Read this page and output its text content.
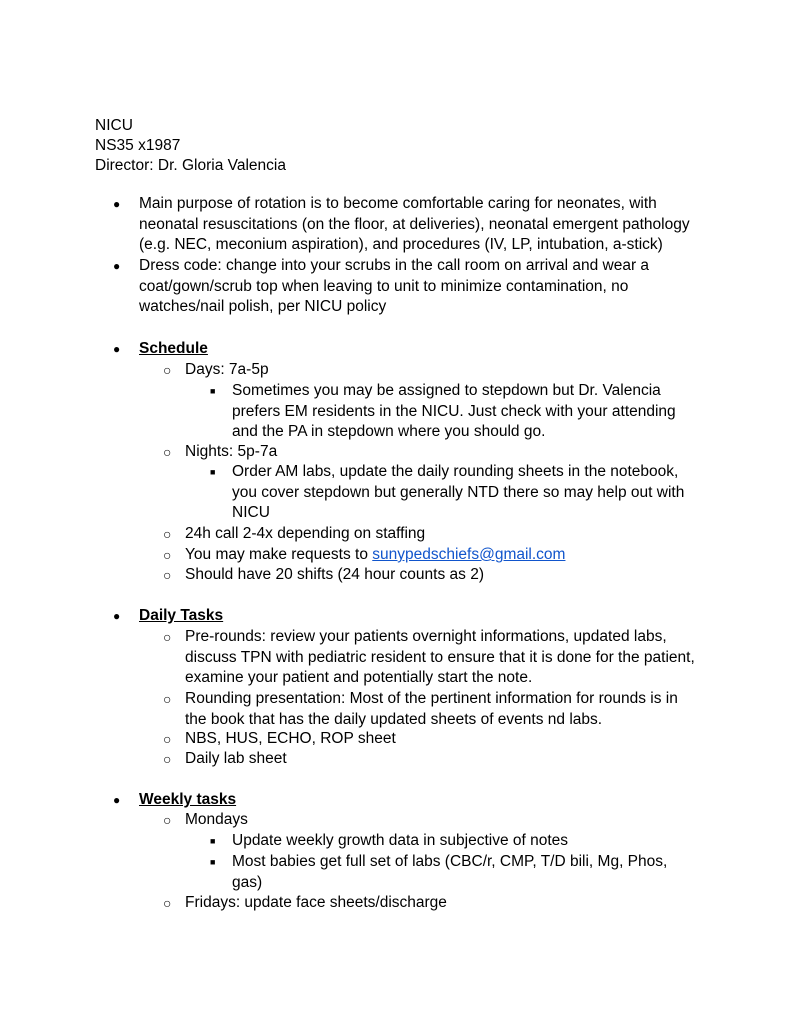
NICU
NS35 x1987
Director: Dr. Gloria Valencia
● Main purpose of rotation is to become comfortable caring for neonates, with
neonatal resuscitations (on the floor, at deliveries), neonatal emergent pathology
(e.g. NEC, meconium aspiration), and procedures (IV, LP, intubation, a-stick)
● Dress code: change into your scrubs in the call room on arrival and wear a
coat/gown/scrub top when leaving to unit to minimize contamination, no
watches/nail polish, per NICU policy
● Schedule
○ Days: 7a-5p
■ Sometimes you may be assigned to stepdown but Dr. Valencia
prefers EM residents in the NICU. Just check with your attending
and the PA in stepdown where you should go.
○ Nights: 5p-7a
■ Order AM labs, update the daily rounding sheets in the notebook,
you cover stepdown but generally NTD there so may help out with
NICU
○ 24h call 2-4x depending on staffing
○ You may make requests to sunypedschiefs@gmail.com
○ Should have 20 shifts (24 hour counts as 2)
● Daily Tasks
○ Pre-rounds: review your patients overnight informations, updated labs,
discuss TPN with pediatric resident to ensure that it is done for the patient,
examine your patient and potentially start the note.
○ Rounding presentation: Most of the pertinent information for rounds is in
the book that has the daily updated sheets of events nd labs.
○ NBS, HUS, ECHO, ROP sheet
○ Daily lab sheet
● Weekly tasks
○ Mondays
■ Update weekly growth data in subjective of notes
■ Most babies get full set of labs (CBC/r, CMP, T/D bili, Mg, Phos,
gas)
○ Fridays: update face sheets/discharge
